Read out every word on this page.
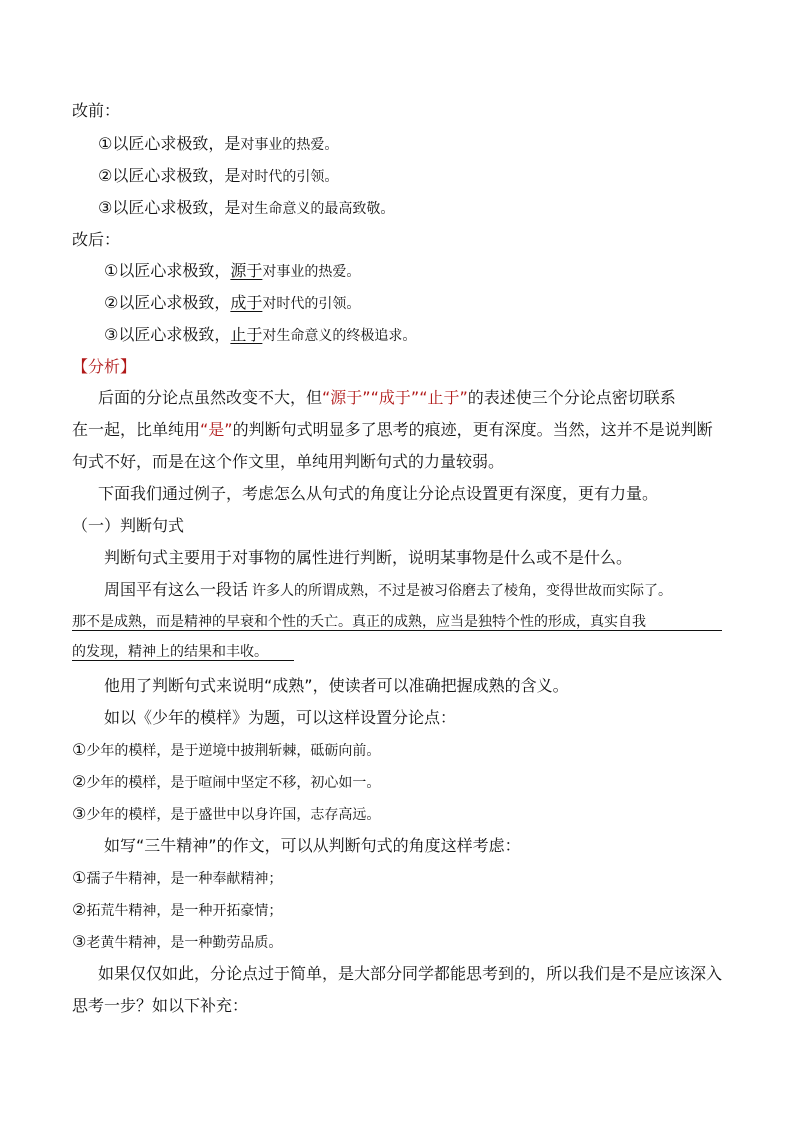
改前：
①以匠心求极致，是对事业的热爱。
②以匠心求极致，是对时代的引领。
③以匠心求极致，是对生命意义的最高致敬。
改后：
①以匠心求极致，源于对事业的热爱。
②以匠心求极致，成于对时代的引领。
③以匠心求极致，止于对生命意义的终极追求。
【分析】
后面的分论点虽然改变不大，但“源于”“成于”“止于”的表述使三个分论点密切联系
在一起，比单纯用“是”的判断句式明显多了思考的痕迹，更有深度。当然，这并不是说判断
句式不好，而是在这个作文里，单纯用判断句式的力量较弱。
下面我们通过例子，考虑怎么从句式的角度让分论点设置更有深度，更有力量。
（一）判断句式
判断句式主要用于对事物的属性进行判断，说明某事物是什么或不是什么。
周国平有这么一段话 许多人的所谓成熟，不过是被习俗磨去了棱角，变得世故而实际了。
那不是成熟，而是精神的早衰和个性的夭亡。真正的成熟，应当是独特个性的形成，真实自我
的发现，精神上的结果和丰收。
他用了判断句式来说明“成熟”，使读者可以准确把握成熟的含义。
如以《少年的模样》为题，可以这样设置分论点：
①少年的模样，是于逆境中披荆斩棘，砥砺向前。
②少年的模样，是于喧闹中坚定不移，初心如一。
③少年的模样，是于盛世中以身许国，志存高远。
如写“三牛精神”的作文，可以从判断句式的角度这样考虑：
①孺子牛精神，是一种奉献精神；
②拓荒牛精神，是一种开拓豪情；
③老黄牛精神，是一种勤劳品质。
如果仅仅如此，分论点过于简单，是大部分同学都能思考到的，所以我们是不是应该深入
思考一步？如以下补充：
